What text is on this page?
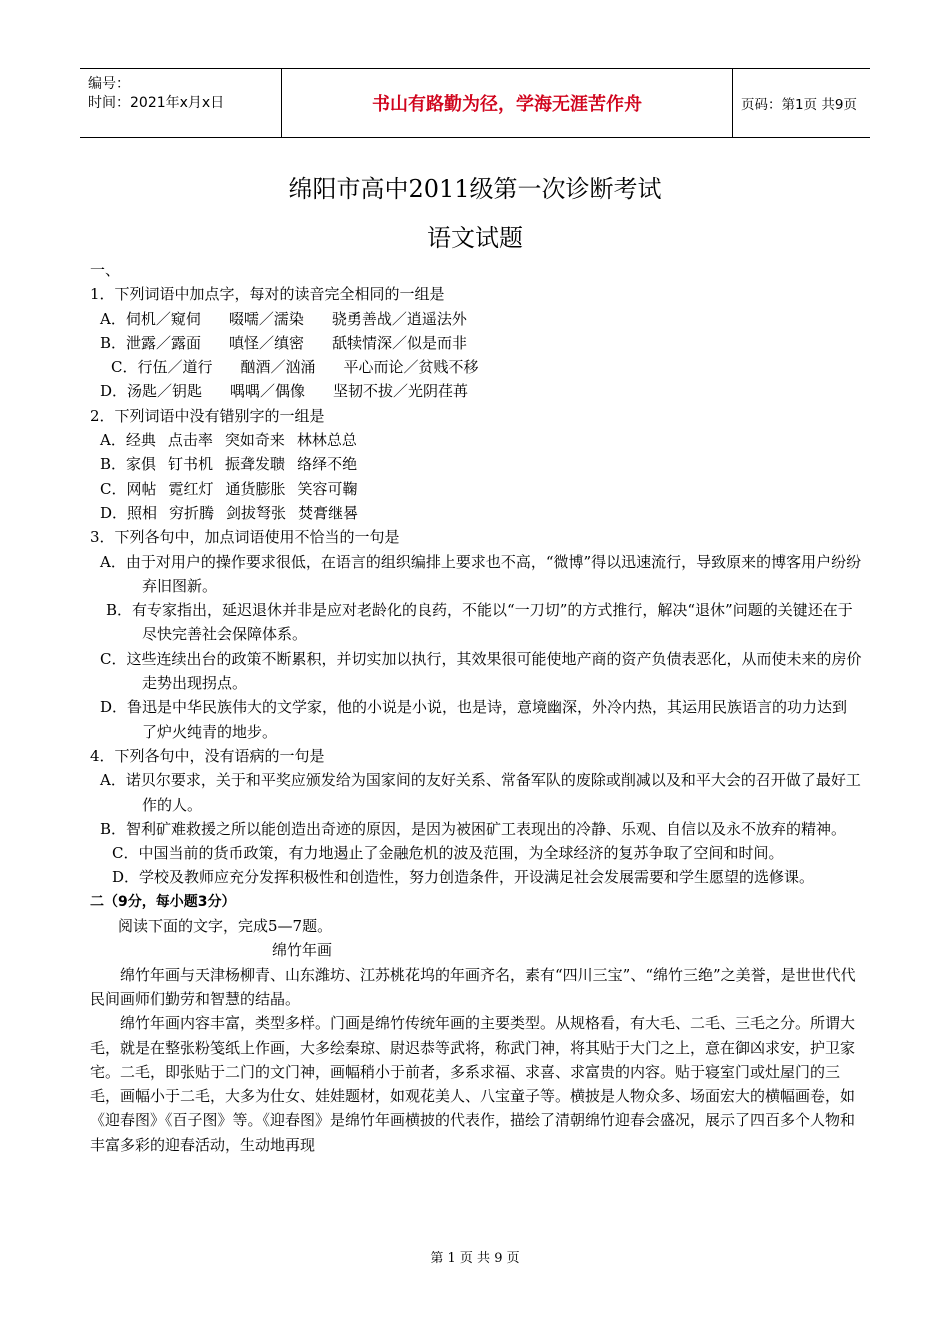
编号：
时间：2021年x月x日	书山有路勤为径，学海无涯苦作舟	页码：第1页 共9页
绵阳市高中2011级第一次诊断考试
语文试题

一、

1．下列词语中加点字，每对的读音完全相同的一组是

A．伺机／窥伺 啜嚅／濡染 骁勇善战／逍遥法外

B．泄露／露面 嗔怪／缜密 舐犊情深／似是而非

C．行伍／道行 酗酒／汹涌 平心而论／贫贱不移

D．汤匙／钥匙 喁喁／偶像 坚韧不拔／光阴荏苒

2．下列词语中没有错别字的一组是

A．经典 点击率 突如奇来 林林总总

B．家俱 钉书机 振聋发聩 络绎不绝

C．网帖 霓红灯 通货膨胀 笑容可鞠

D．照相 穷折腾 剑拔弩张 焚膏继晷

3．下列各句中，加点词语使用不恰当的一句是

A．由于对用户的操作要求很低，在语言的组织编排上要求也不高，“微博”得以迅速流行，导致原来的博客用户纷纷弃旧图新。

B．有专家指出，延迟退休并非是应对老龄化的良药，不能以“一刀切”的方式推行，解决“退休”问题的关键还在于尽快完善社会保障体系。

C．这些连续出台的政策不断累积，并切实加以执行，其效果很可能使地产商的资产负债表恶化，从而使未来的房价走势出现拐点。

D．鲁迅是中华民族伟大的文学家，他的小说是小说，也是诗，意境幽深，外冷内热，其运用民族语言的功力达到了炉火纯青的地步。

4．下列各句中，没有语病的一句是

A．诺贝尔要求，关于和平奖应颁发给为国家间的友好关系、常备军队的废除或削减以及和平大会的召开做了最好工作的人。

B．智利矿难救援之所以能创造出奇迹的原因，是因为被困矿工表现出的冷静、乐观、自信以及永不放弃的精神。

C．中国当前的货币政策，有力地遏止了金融危机的波及范围，为全球经济的复苏争取了空间和时间。

D．学校及教师应充分发挥积极性和创造性，努力创造条件，开设满足社会发展需要和学生愿望的选修课。

二（9分，每小题3分）

阅读下面的文字，完成5—7题。

绵竹年画

绵竹年画与天津杨柳青、山东潍坊、江苏桃花坞的年画齐名，素有“四川三宝”、“绵竹三绝”之美誉，是世世代代民间画师们勤劳和智慧的结晶。

绵竹年画内容丰富，类型多样。门画是绵竹传统年画的主要类型。从规格看，有大毛、二毛、三毛之分。所谓大毛，就是在整张粉笺纸上作画，大多绘秦琼、尉迟恭等武将，称武门神，将其贴于大门之上，意在御凶求安，护卫家宅。二毛，即张贴于二门的文门神，画幅稍小于前者，多系求福、求喜、求富贵的内容。贴于寝室门或灶屋门的三毛，画幅小于二毛，大多为仕女、娃娃题材，如观花美人、八宝童子等。横披是人物众多、场面宏大的横幅画卷，如《迎春图》《百子图》等。《迎春图》是绵竹年画横披的代表作，描绘了清朝绵竹迎春会盛况，展示了四百多个人物和丰富多彩的迎春活动，生动地再现

第 1 页 共 9 页
